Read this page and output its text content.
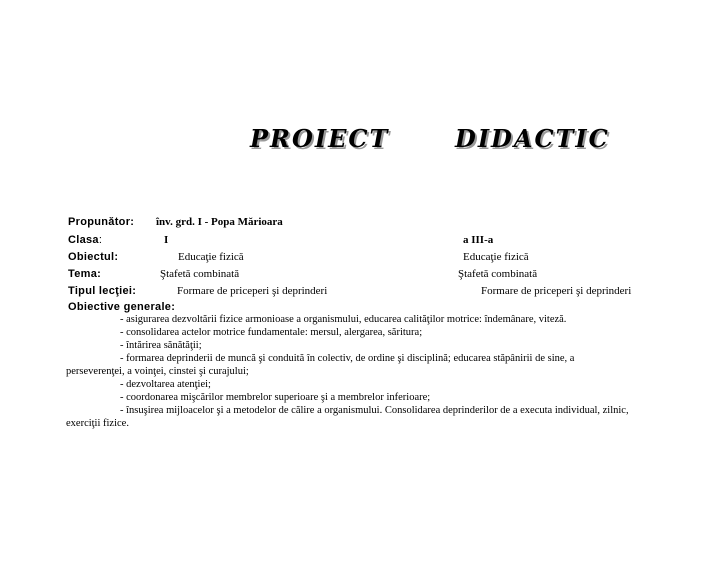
PROIECT	DIDACTIC
Propunător: înv. grd. I - Popa Mărioara
Clasa:	I	a III-a
Obiectul:	Educaţie fizică	Educaţie fizică
Tema:	Ştafetă combinată	Ştafetă combinată
Tipul lecţiei:	Formare de priceperi şi deprinderi	Formare de priceperi şi deprinderi
Obiective generale:
- asigurarea dezvoltării fizice armonioase a organismului, educarea calităţilor motrice: îndemânare, viteză.
- consolidarea actelor motrice fundamentale: mersul, alergarea, săritura;
- întărirea sănătăţii;
- formarea deprinderii de muncă şi conduită în colectiv, de ordine şi disciplină; educarea stăpânirii de sine, a
perseverenţei, a voinţei, cinstei şi curajului;
- dezvoltarea atenţiei;
- coordonarea mişcărilor membrelor superioare şi a membrelor inferioare;
- însuşirea mijloacelor şi a metodelor de călire a organismului. Consolidarea deprinderilor de a executa individual, zilnic,
exerciţii fizice.
